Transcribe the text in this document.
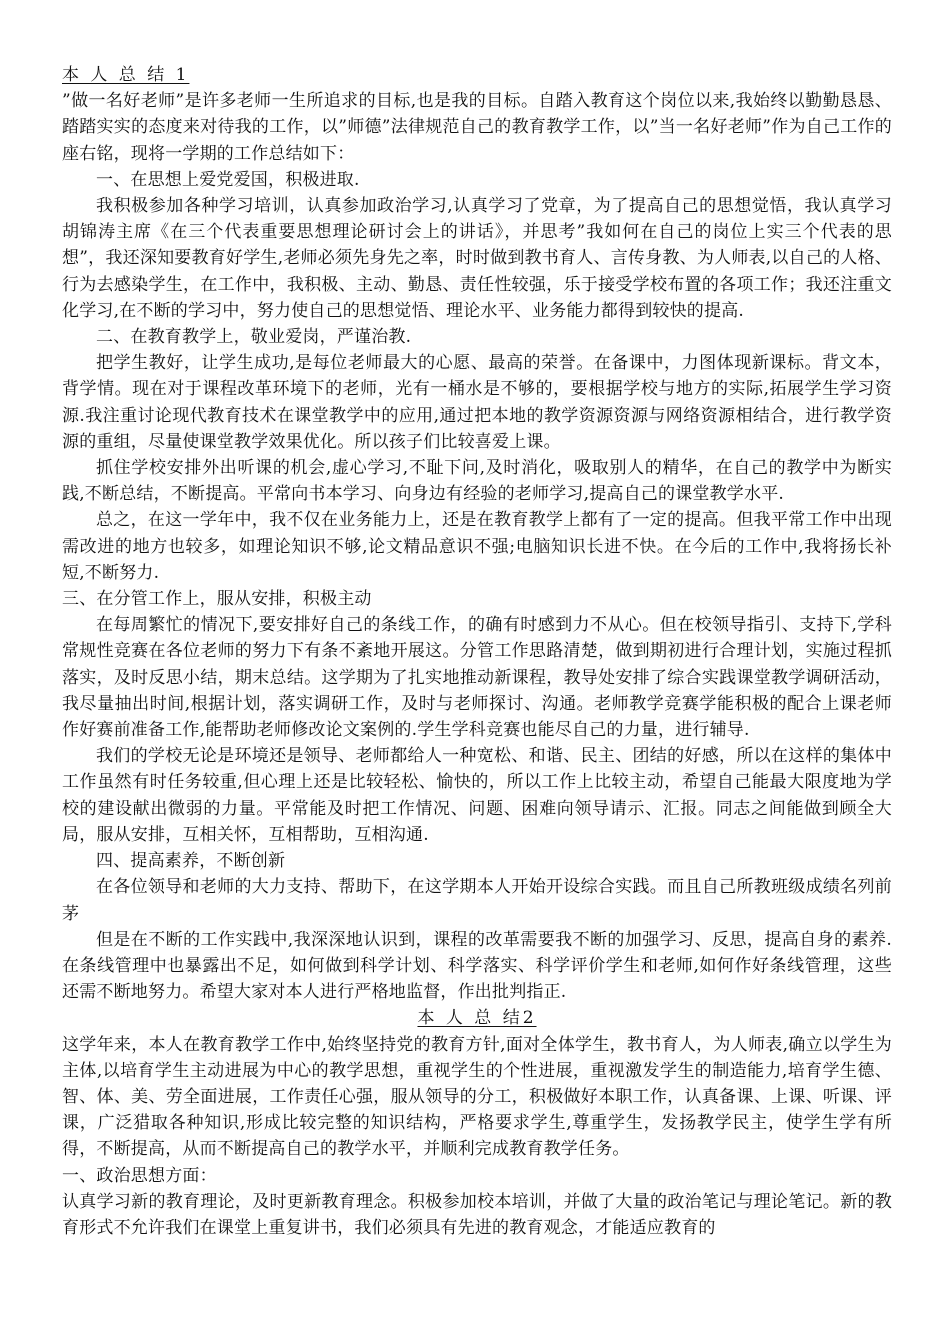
本 人 总 结 1

”做一名好老师”是许多老师一生所追求的目标,也是我的目标。自踏入教育这个岗位以来,我始终以勤勤恳恳、踏踏实实的态度来对待我的工作，以”师德”法律规范自己的教育教学工作，以”当一名好老师”作为自己工作的座右铭，现将一学期的工作总结如下：

一、在思想上爱党爱国，积极进取.

我积极参加各种学习培训，认真参加政治学习,认真学习了党章，为了提高自己的思想觉悟，我认真学习胡锦涛主席《在三个代表重要思想理论研讨会上的讲话》，并思考”我如何在自己的岗位上实三个代表的思想”，我还深知要教育好学生,老师必须先身先之率，时时做到教书育人、言传身教、为人师表,以自己的人格、行为去感染学生，在工作中，我积极、主动、勤恳、责任性较强，乐于接受学校布置的各项工作；我还注重文化学习,在不断的学习中，努力使自己的思想觉悟、理论水平、业务能力都得到较快的提高.

二、在教育教学上，敬业爱岗，严谨治教.

把学生教好，让学生成功,是每位老师最大的心愿、最高的荣誉。在备课中，力图体现新课标。背文本，背学情。现在对于课程改革环境下的老师，光有一桶水是不够的，要根据学校与地方的实际,拓展学生学习资源.我注重讨论现代教育技术在课堂教学中的应用,通过把本地的教学资源资源与网络资源相结合，进行教学资源的重组，尽量使课堂教学效果优化。所以孩子们比较喜爱上课。

抓住学校安排外出听课的机会,虚心学习,不耻下问,及时消化，吸取别人的精华，在自己的教学中为断实践,不断总结，不断提高。平常向书本学习、向身边有经验的老师学习,提高自己的课堂教学水平.

总之，在这一学年中，我不仅在业务能力上，还是在教育教学上都有了一定的提高。但我平常工作中出现需改进的地方也较多，如理论知识不够,论文精品意识不强;电脑知识长进不快。在今后的工作中,我将扬长补短,不断努力.

三、在分管工作上，服从安排，积极主动

在每周繁忙的情况下,要安排好自己的条线工作，的确有时感到力不从心。但在校领导指引、支持下,学科常规性竞赛在各位老师的努力下有条不紊地开展这。分管工作思路清楚，做到期初进行合理计划，实施过程抓落实，及时反思小结，期末总结。这学期为了扎实地推动新课程，教导处安排了综合实践课堂教学调研活动，我尽量抽出时间,根据计划，落实调研工作，及时与老师探讨、沟通。老师教学竞赛学能积极的配合上课老师作好赛前准备工作,能帮助老师修改论文案例的.学生学科竞赛也能尽自己的力量，进行辅导.

我们的学校无论是环境还是领导、老师都给人一种宽松、和谐、民主、团结的好感，所以在这样的集体中工作虽然有时任务较重,但心理上还是比较轻松、愉快的，所以工作上比较主动，希望自己能最大限度地为学校的建设献出微弱的力量。平常能及时把工作情况、问题、困难向领导请示、汇报。同志之间能做到顾全大局，服从安排，互相关怀，互相帮助，互相沟通.

四、提高素养，不断创新

在各位领导和老师的大力支持、帮助下，在这学期本人开始开设综合实践。而且自己所教班级成绩名列前茅

但是在不断的工作实践中,我深深地认识到，课程的改革需要我不断的加强学习、反思，提高自身的素养.在条线管理中也暴露出不足，如何做到科学计划、科学落实、科学评价学生和老师,如何作好条线管理，这些还需不断地努力。希望大家对本人进行严格地监督，作出批判指正.

本 人 总 结2

这学年来，本人在教育教学工作中,始终坚持党的教育方针,面对全体学生，教书育人，为人师表,确立以学生为主体,以培育学生主动进展为中心的教学思想，重视学生的个性进展，重视激发学生的制造能力,培育学生德、智、体、美、劳全面进展，工作责任心强，服从领导的分工，积极做好本职工作，认真备课、上课、听课、评课，广泛猎取各种知识,形成比较完整的知识结构，严格要求学生,尊重学生，发扬教学民主，使学生学有所得，不断提高，从而不断提高自己的教学水平，并顺利完成教育教学任务。

一、政治思想方面：

认真学习新的教育理论，及时更新教育理念。积极参加校本培训，并做了大量的政治笔记与理论笔记。新的教育形式不允许我们在课堂上重复讲书，我们必须具有先进的教育观念，才能适应教育的
